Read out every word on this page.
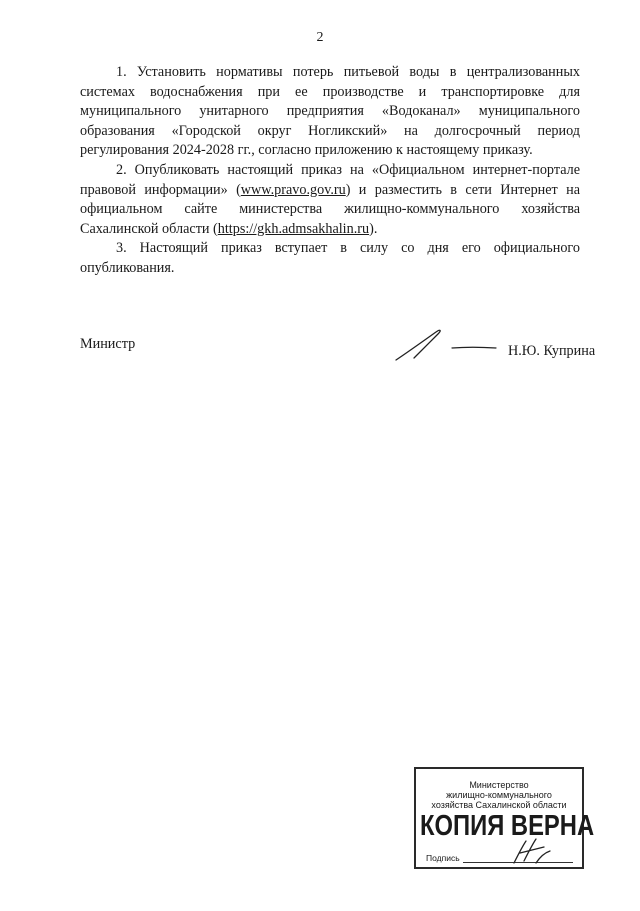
2

1. Установить нормативы потерь питьевой воды в централизованных системах водоснабжения при ее производстве и транспортировке для муниципального унитарного предприятия «Водоканал» муниципального образования «Городской округ Ногликский» на долгосрочный период регулирования 2024-2028 гг., согласно приложению к настоящему приказу.

2. Опубликовать настоящий приказ на «Официальном интернет-портале правовой информации» (www.pravo.gov.ru) и разместить в сети Интернет на официальном сайте министерства жилищно-коммунального хозяйства Сахалинской области (https://gkh.admsakhalin.ru).

3. Настоящий приказ вступает в силу со дня его официального опубликования.

Министр	Н.Ю. Куприна
Министерство
жилищно-коммунального
хозяйства Сахалинской области
КОПИЯ ВЕРНА
Подпись
